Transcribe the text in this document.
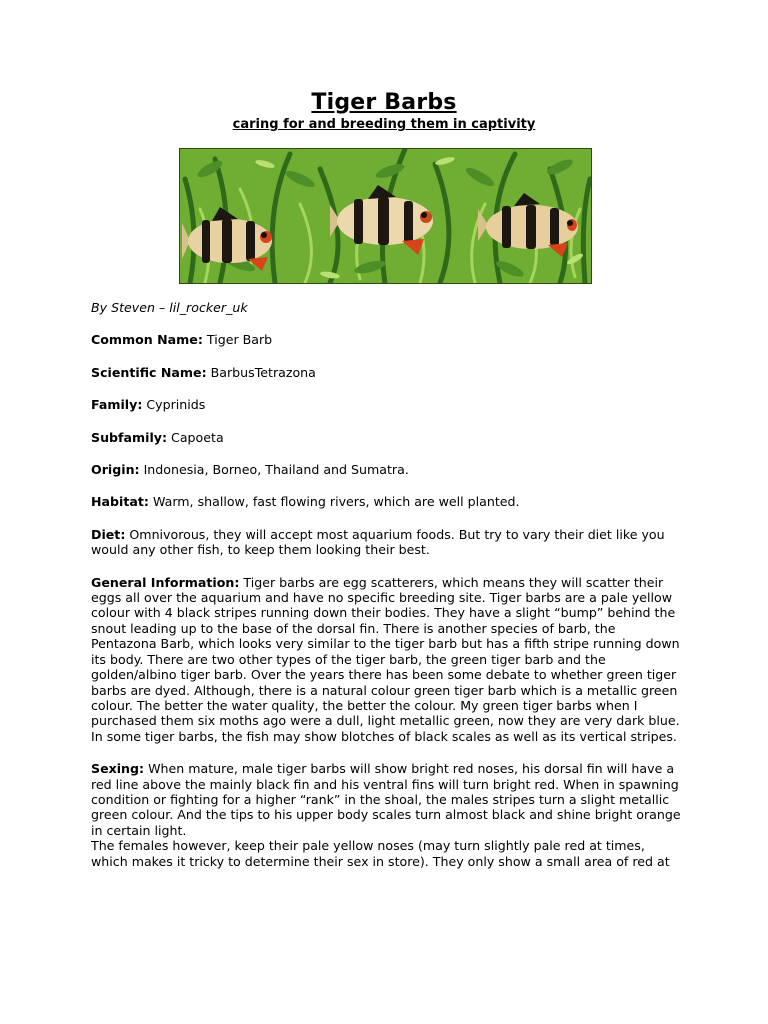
Tiger Barbs
caring for and breeding them in captivity

By Steven – lil_rocker_uk

Common Name: Tiger Barb

Scientific Name: BarbusTetrazona

Family: Cyprinids

Subfamily: Capoeta

Origin: Indonesia, Borneo, Thailand and Sumatra.

Habitat: Warm, shallow, fast flowing rivers, which are well planted.

Diet: Omnivorous, they will accept most aquarium foods. But try to vary their diet like you would any other fish, to keep them looking their best.

General Information: Tiger barbs are egg scatterers, which means they will scatter their eggs all over the aquarium and have no specific breeding site. Tiger barbs are a pale yellow colour with 4 black stripes running down their bodies. They have a slight “bump” behind the snout leading up to the base of the dorsal fin. There is another species of barb, the Pentazona Barb, which looks very similar to the tiger barb but has a fifth stripe running down its body. There are two other types of the tiger barb, the green tiger barb and the golden/albino tiger barb. Over the years there has been some debate to whether green tiger barbs are dyed. Although, there is a natural colour green tiger barb which is a metallic green colour. The better the water quality, the better the colour. My green tiger barbs when I purchased them six moths ago were a dull, light metallic green, now they are very dark blue. In some tiger barbs, the fish may show blotches of black scales as well as its vertical stripes.

Sexing: When mature, male tiger barbs will show bright red noses, his dorsal fin will have a red line above the mainly black fin and his ventral fins will turn bright red. When in spawning condition or fighting for a higher “rank” in the shoal, the males stripes turn a slight metallic green colour. And the tips to his upper body scales turn almost black and shine bright orange in certain light.

The females however, keep their pale yellow noses (may turn slightly pale red at times, which makes it tricky to determine their sex in store). They only show a small area of red at
